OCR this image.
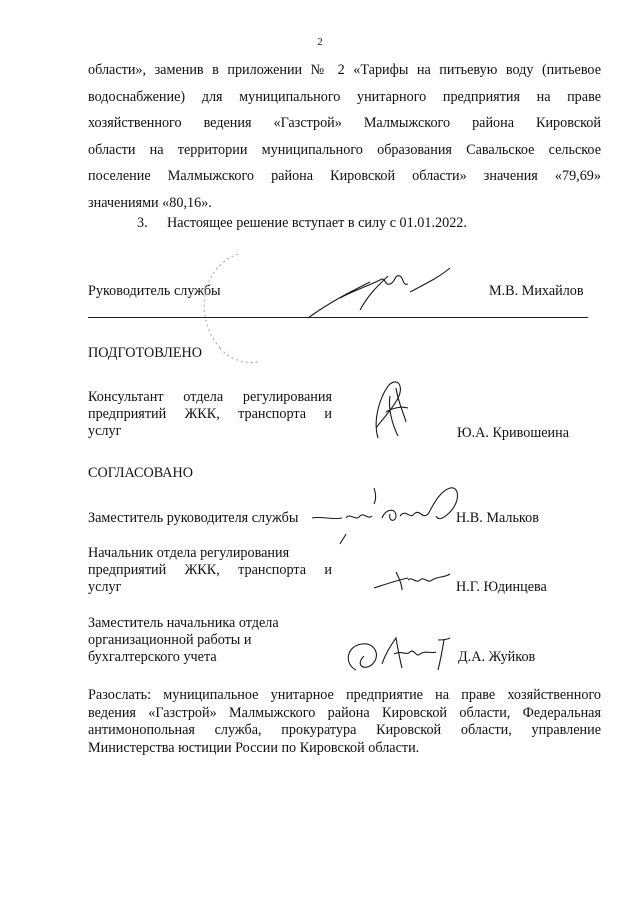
2
области», заменив в приложении № 2 «Тарифы на питьевую воду (питьевое
водоснабжение) для муниципального унитарного предприятия на праве
хозяйственного ведения «Газстрой» Малмыжского района Кировской
области на территории муниципального образования Савальское сельское
поселение Малмыжского района Кировской области» значения «79,69»
значениями «80,16».
3. Настоящее решение вступает в силу с 01.01.2022.
Руководитель службы	М.В. Михайлов
ПОДГОТОВЛЕНО
Консультант отдела регулирования
предприятий ЖКК, транспорта и
услуг	Ю.А. Кривошеина
СОГЛАСОВАНО
Заместитель руководителя службы	Н.В. Мальков
Начальник отдела регулирования
предприятий ЖКК, транспорта и
услуг	Н.Г. Юдинцева
Заместитель начальника отдела
организационной работы и
бухгалтерского учета	Д.А. Жуйков
Разослать: муниципальное унитарное предприятие на праве хозяйственного
ведения «Газстрой» Малмыжского района Кировской области, Федеральная
антимонопольная служба, прокуратура Кировской области, управление
Министерства юстиции России по Кировской области.
